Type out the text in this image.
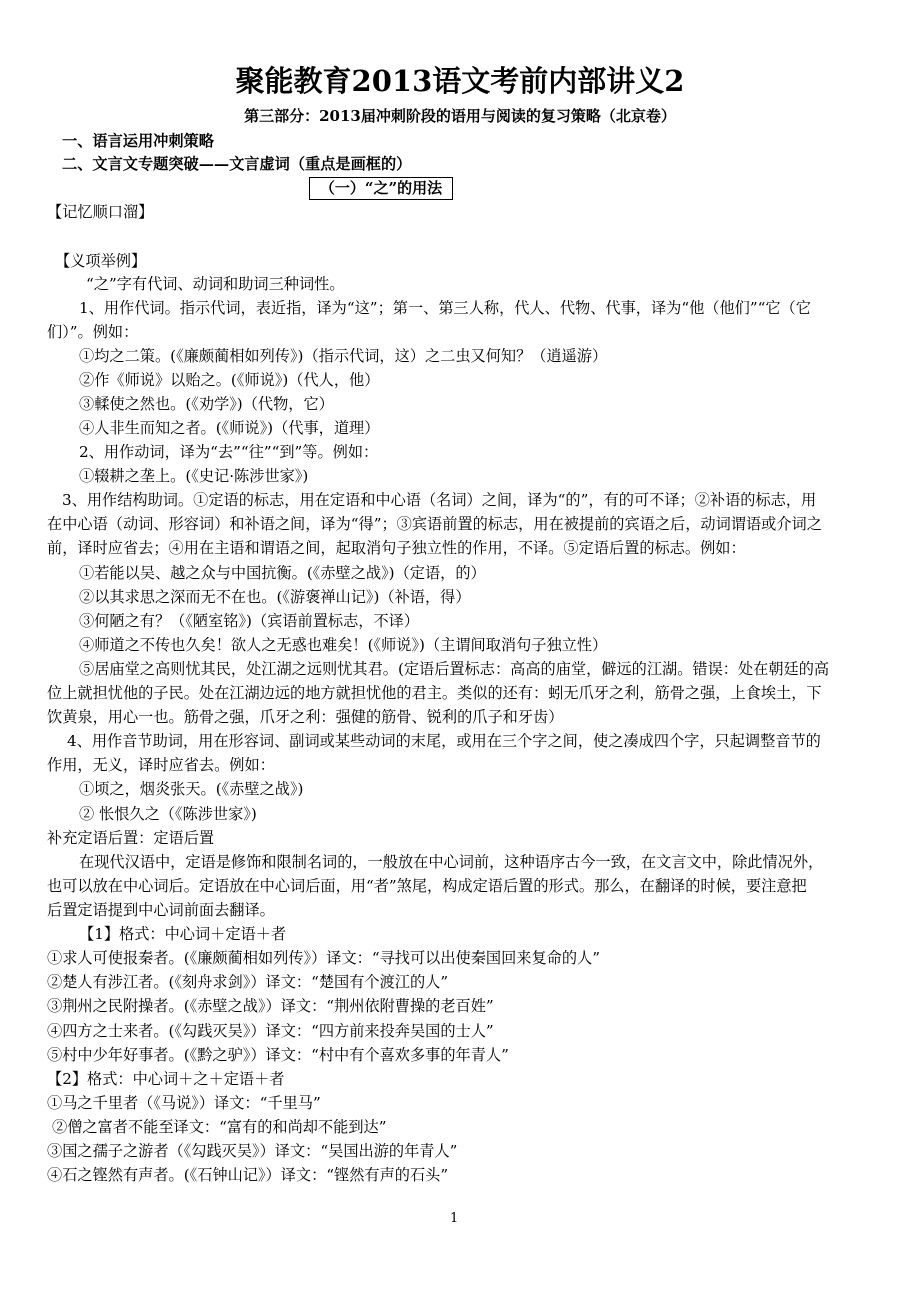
聚能教育2013语文考前内部讲义2
第三部分：2013届冲刺阶段的语用与阅读的复习策略（北京卷）
一、语言运用冲刺策略
二、文言文专题突破——文言虚词（重点是画框的）
（一）“之”的用法
【记忆顺口溜】
【义项举例】
“之”字有代词、动词和助词三种词性。
1、用作代词。指示代词，表近指，译为“这”；第一、第三人称，代人、代物、代事，译为“他（他们”“它（它
们）”。例如：
①均之二策。(《廉颇蔺相如列传》)（指示代词，这）之二虫又何知？（逍遥游）
②作《师说》以贻之。(《师说》)（代人，他）
③輮使之然也。(《劝学》)（代物，它）
④人非生而知之者。(《师说》)（代事，道理）
2、用作动词，译为“去”“往”“到”等。例如：
①辍耕之垄上。(《史记·陈涉世家》)
3、用作结构助词。①定语的标志，用在定语和中心语（名词）之间，译为“的”，有的可不译；②补语的标志，用
在中心语（动词、形容词）和补语之间，译为“得”；③宾语前置的标志，用在被提前的宾语之后，动词谓语或介词之
前，译时应省去；④用在主语和谓语之间，起取消句子独立性的作用，不译。⑤定语后置的标志。例如：
①若能以吴、越之众与中国抗衡。(《赤壁之战》)（定语，的）
②以其求思之深而无不在也。(《游褒禅山记》)（补语，得）
③何陋之有？（《陋室铭》)（宾语前置标志，不译）
④师道之不传也久矣！欲人之无惑也难矣！(《师说》)（主谓间取消句子独立性）
⑤居庙堂之高则忧其民，处江湖之远则忧其君。(定语后置标志：高高的庙堂，僻远的江湖。错误：处在朝廷的高
位上就担忧他的子民。处在江湖边远的地方就担忧他的君主。类似的还有：蚓无爪牙之利，筋骨之强，上食埃土，下
饮黄泉，用心一也。筋骨之强，爪牙之利：强健的筋骨、锐利的爪子和牙齿）
4、用作音节助词，用在形容词、副词或某些动词的末尾，或用在三个字之间，使之凑成四个字，只起调整音节的
作用，无义，译时应省去。例如：
①顷之，烟炎张天。(《赤壁之战》)
② 怅恨久之（《陈涉世家》)
补充定语后置：定语后置
在现代汉语中，定语是修饰和限制名词的，一般放在中心词前，这种语序古今一致，在文言文中，除此情况外，
也可以放在中心词后。定语放在中心词后面，用“者”煞尾，构成定语后置的形式。那么，在翻译的时候，要注意把
后置定语提到中心词前面去翻译。
【1】格式：中心词＋定语＋者
①求人可使报秦者。(《廉颇蔺相如列传》）译文：“寻找可以出使秦国回来复命的人”
②楚人有涉江者。(《刻舟求剑》）译文：“楚国有个渡江的人”
③荆州之民附操者。(《赤壁之战》）译文：“荆州依附曹操的老百姓”
④四方之士来者。(《勾践灭吴》）译文：“四方前来投奔吴国的士人”
⑤村中少年好事者。(《黔之驴》）译文：“村中有个喜欢多事的年青人”
【2】格式：中心词＋之＋定语＋者
①马之千里者（《马说》）译文：“千里马”
②僧之富者不能至译文：“富有的和尚却不能到达”
③国之孺子之游者（《勾践灭吴》）译文：“吴国出游的年青人”
④石之铿然有声者。(《石钟山记》）译文：“铿然有声的石头”
1
